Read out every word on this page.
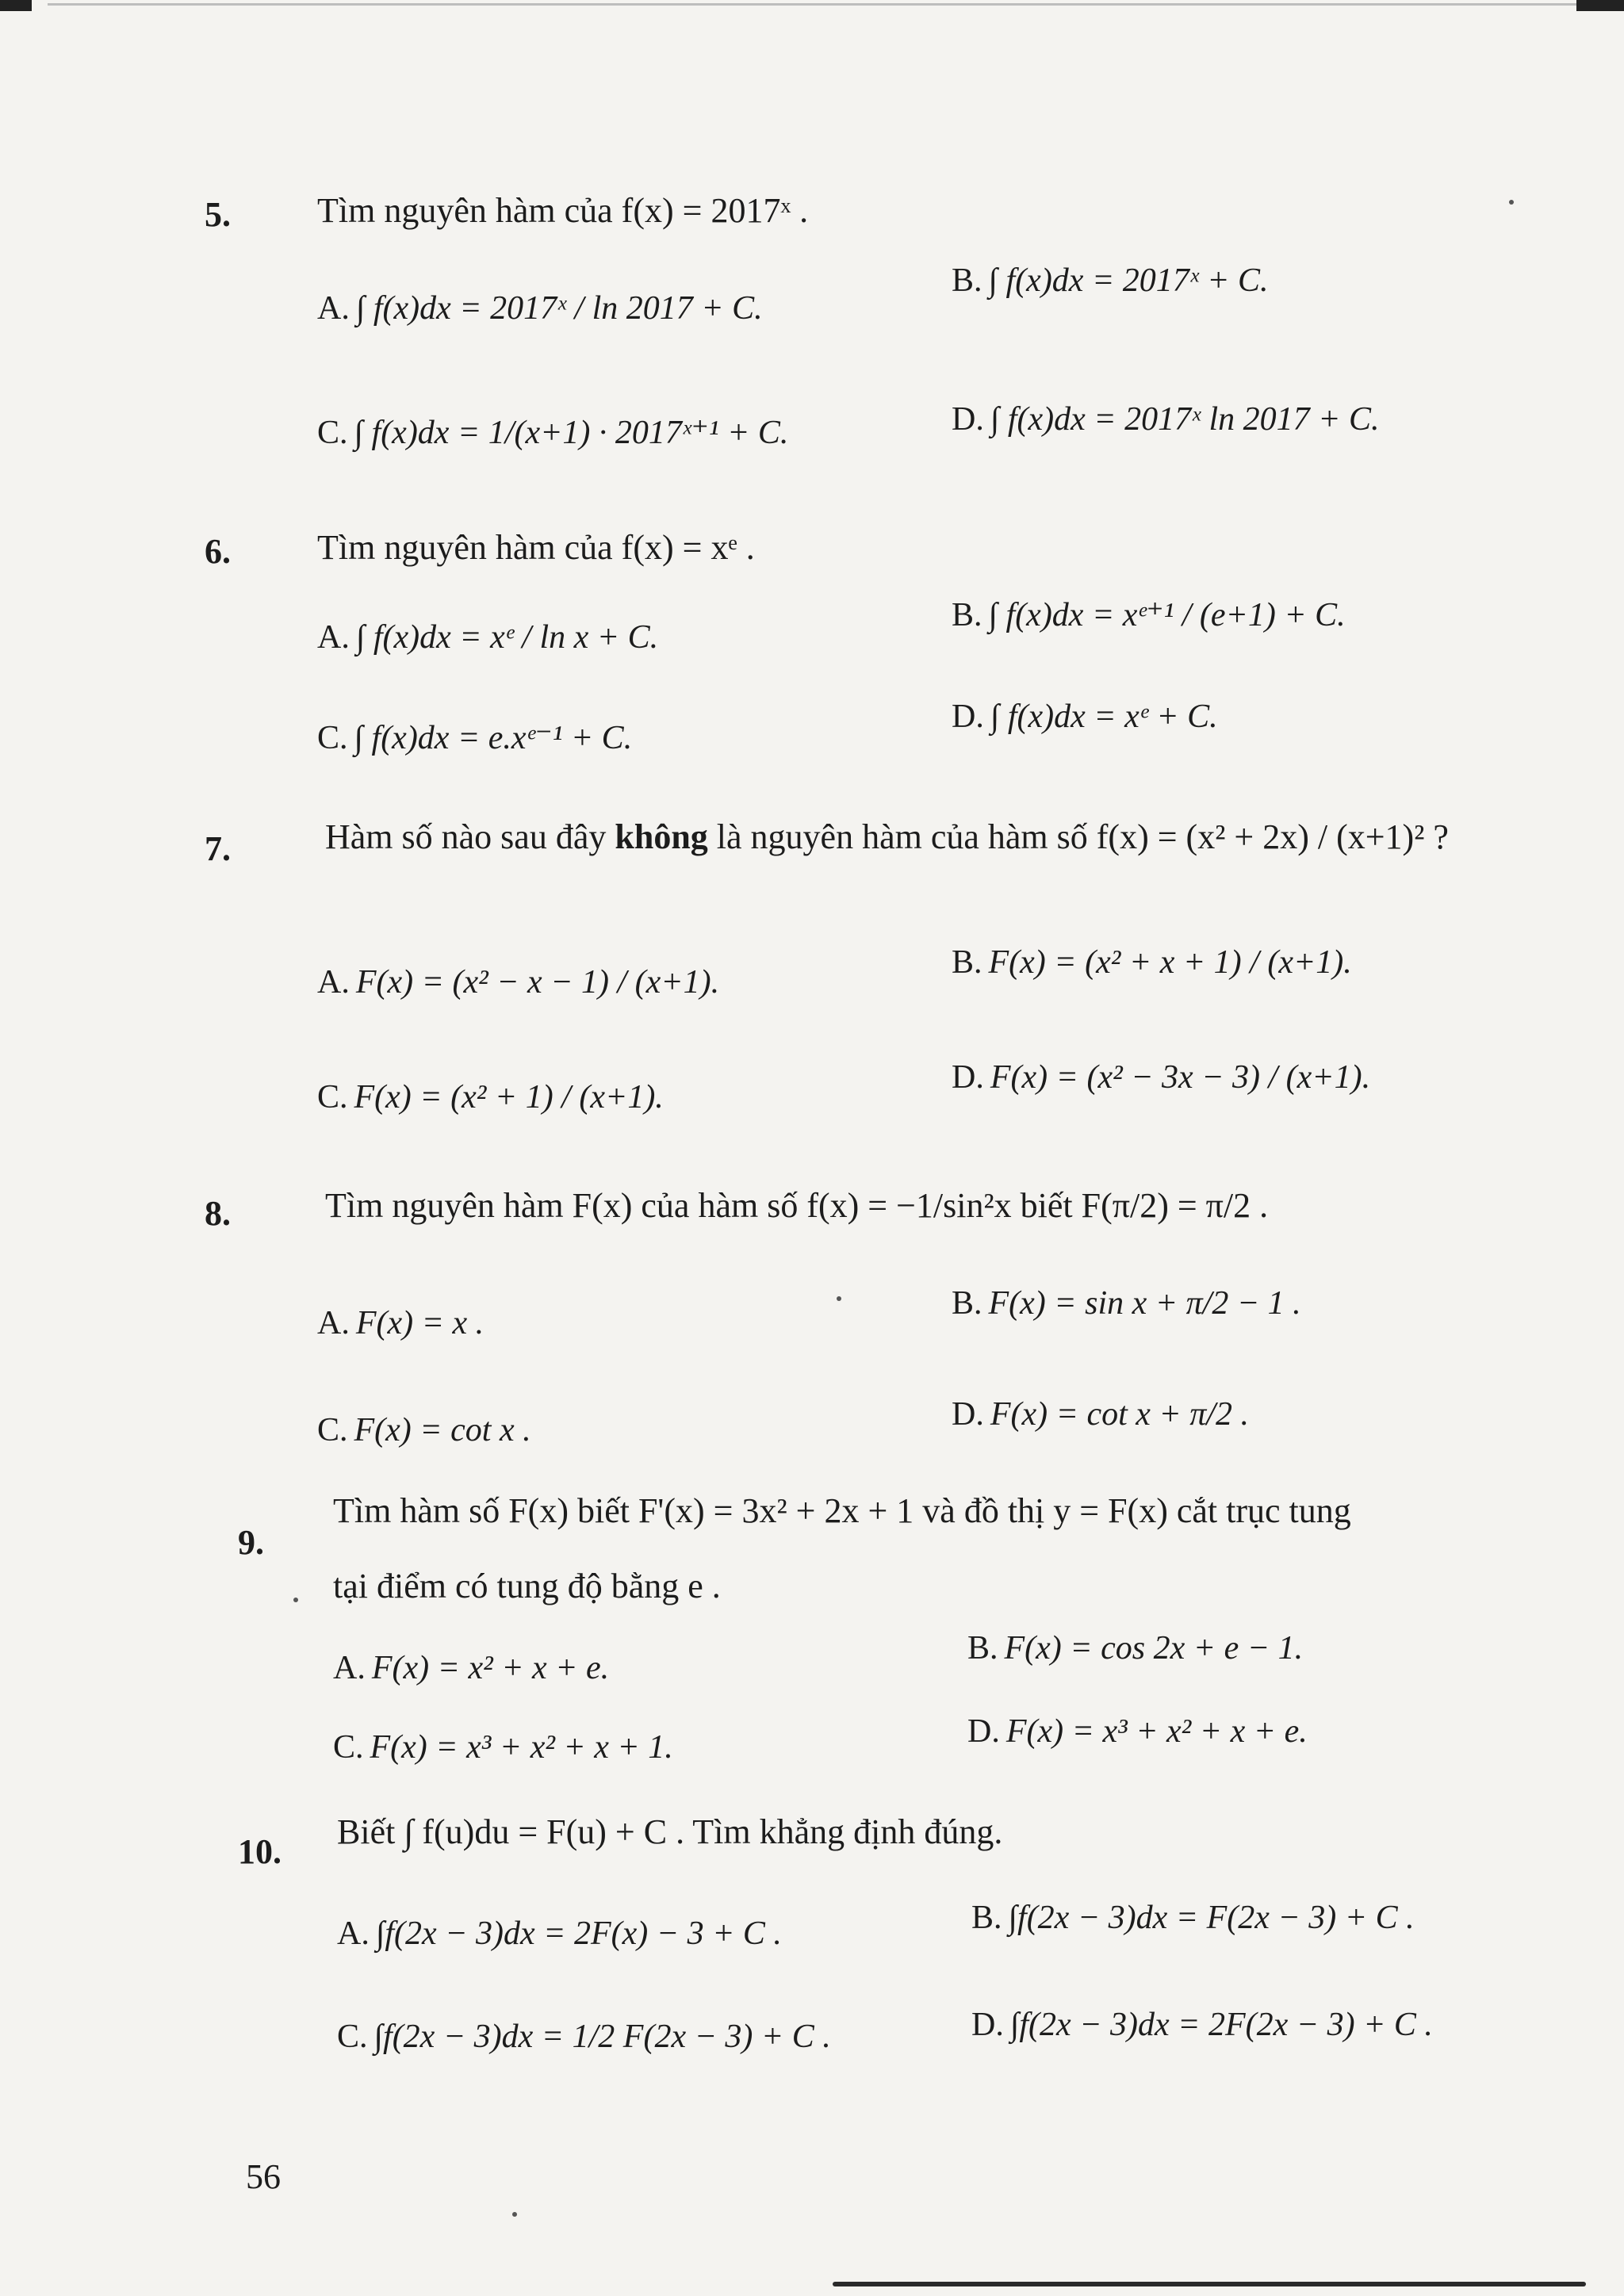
5. Tìm nguyên hàm của f(x) = 2017ˣ .
A. ∫ f(x)dx = 2017ˣ / ln 2017 + C.
B. ∫ f(x)dx = 2017ˣ + C.
C. ∫ f(x)dx = 1/(x+1) · 2017ˣ⁺¹ + C.	D. ∫ f(x)dx = 2017ˣ ln 2017 + C.
6. Tìm nguyên hàm của f(x) = xᵉ .
A. ∫ f(x)dx = xᵉ / ln x + C.
B. ∫ f(x)dx = xᵉ⁺¹ / (e+1) + C.
C. ∫ f(x)dx = e.xᵉ⁻¹ + C.
D. ∫ f(x)dx = xᵉ + C.
7.	Hàm số nào sau đây không là nguyên hàm của hàm số f(x) = (x² + 2x) / (x+1)² ?
A. F(x) = (x² − x − 1) / (x+1).
B. F(x) = (x² + x + 1) / (x+1).
C. F(x) = (x² + 1) / (x+1).
D. F(x) = (x² − 3x − 3) / (x+1).
8.	Tìm nguyên hàm F(x) của hàm số f(x) = −1/sin²x biết F(π/2) = π/2 .
A. F(x) = x .
B. F(x) = sin x + π/2 − 1 .
C. F(x) = cot x .	D. F(x) = cot x + π/2 .
9.
Tìm hàm số F(x) biết F'(x) = 3x² + 2x + 1 và đồ thị y = F(x) cắt trục tung
tại điểm có tung độ bằng e .
A. F(x) = x² + x + e.
B. F(x) = cos 2x + e − 1.
C. F(x) = x³ + x² + x + 1.	D. F(x) = x³ + x² + x + e.
10.
Biết ∫ f(u)du = F(u) + C . Tìm khẳng định đúng.
A. ∫f(2x − 3)dx = 2F(x) − 3 + C .	B. ∫f(2x − 3)dx = F(2x − 3) + C .
C. ∫f(2x − 3)dx = 1/2 F(2x − 3) + C .	D. ∫f(2x − 3)dx = 2F(2x − 3) + C .
56
